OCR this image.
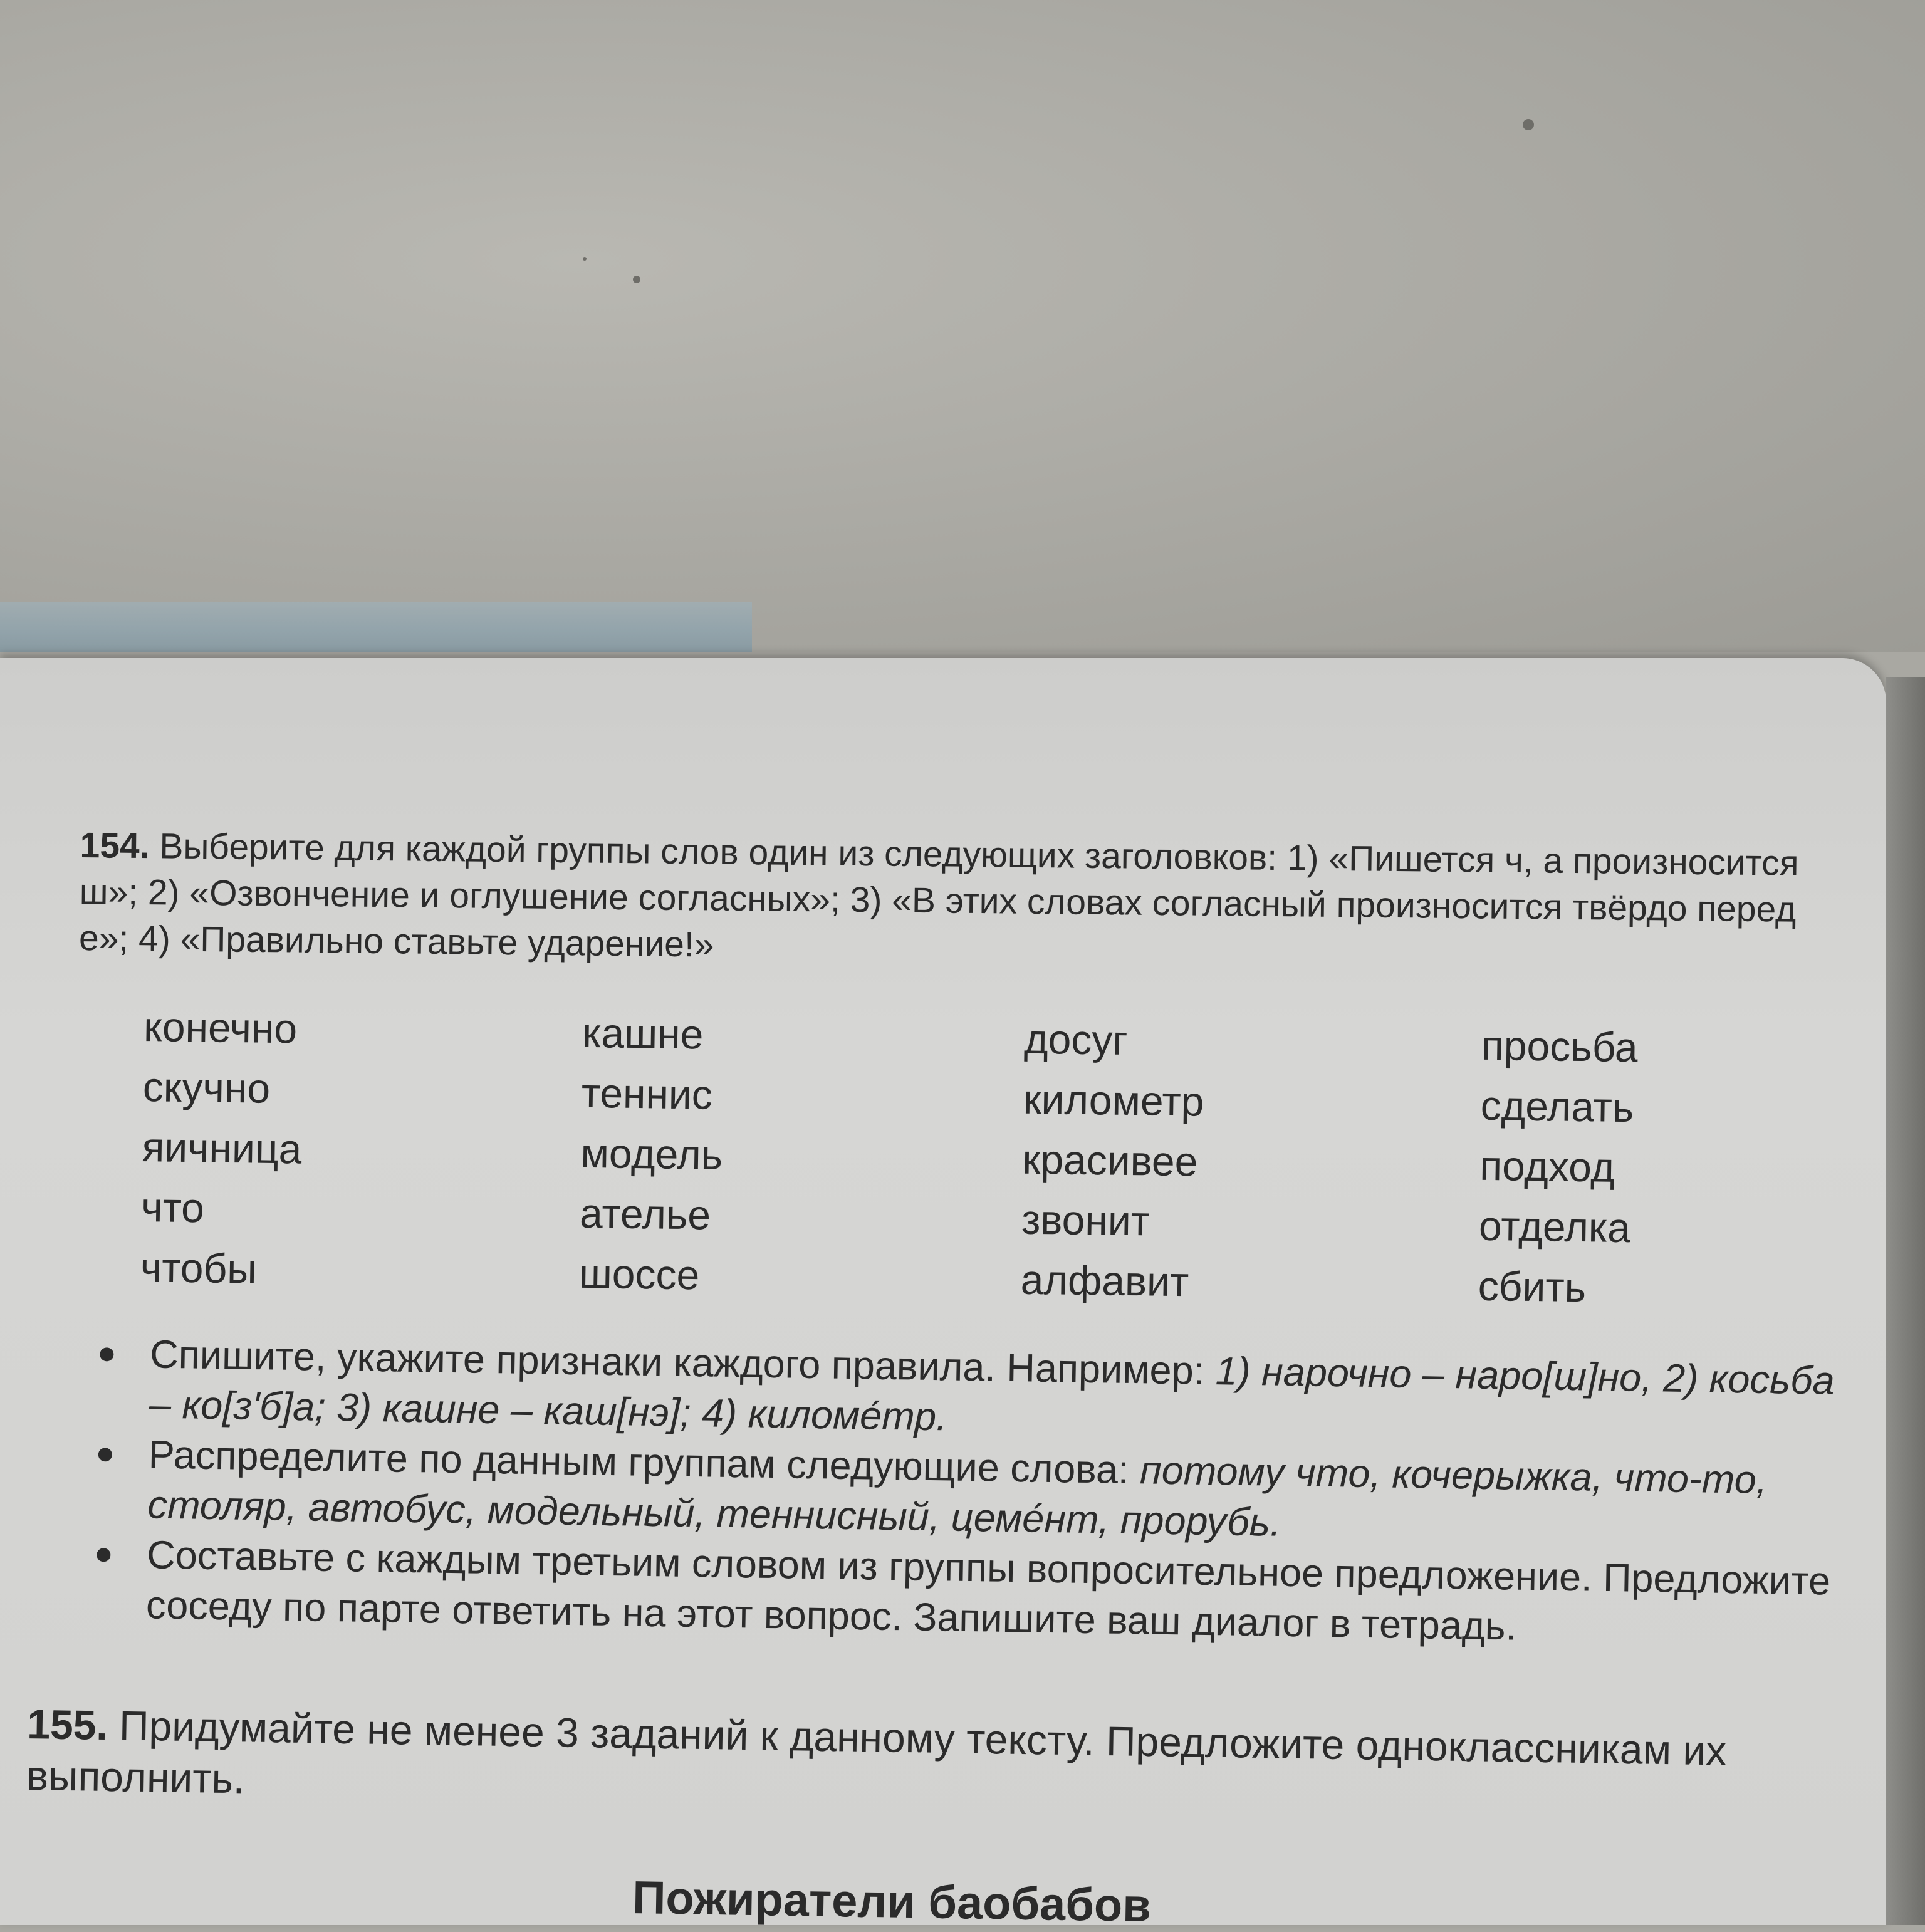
154. Выберите для каждой группы слов один из следующих заголовков: 1) «Пишется ч, а произносится ш»; 2) «Озвончение и оглушение согласных»; 3) «В этих словах согласный произносится твёрдо перед е»; 4) «Правильно ставьте ударение!»
конечно
скучно
яичница
что
чтобы
кашне
теннис
модель
ателье
шоссе
досуг
километр
красивее
звонит
алфавит
просьба
сделать
подход
отделка
сбить
Спишите, укажите признаки каждого правила. Например: 1) нарочно – наро[ш]но, 2) косьба – ко[з'б]а; 3) кашне – каш[нэ]; 4) киломе́тр.
Распределите по данным группам следующие слова: потому что, кочерыжка, что-то, столяр, автобус, модельный, теннисный, цеме́нт, прорубь.
Составьте с каждым третьим словом из группы вопросительное предложение. Предложите соседу по парте ответить на этот вопрос. Запишите ваш диалог в тетрадь.
155. Придумайте не менее 3 заданий к данному тексту. Предложите одноклассникам их выполнить.
Пожиратели баобабов
